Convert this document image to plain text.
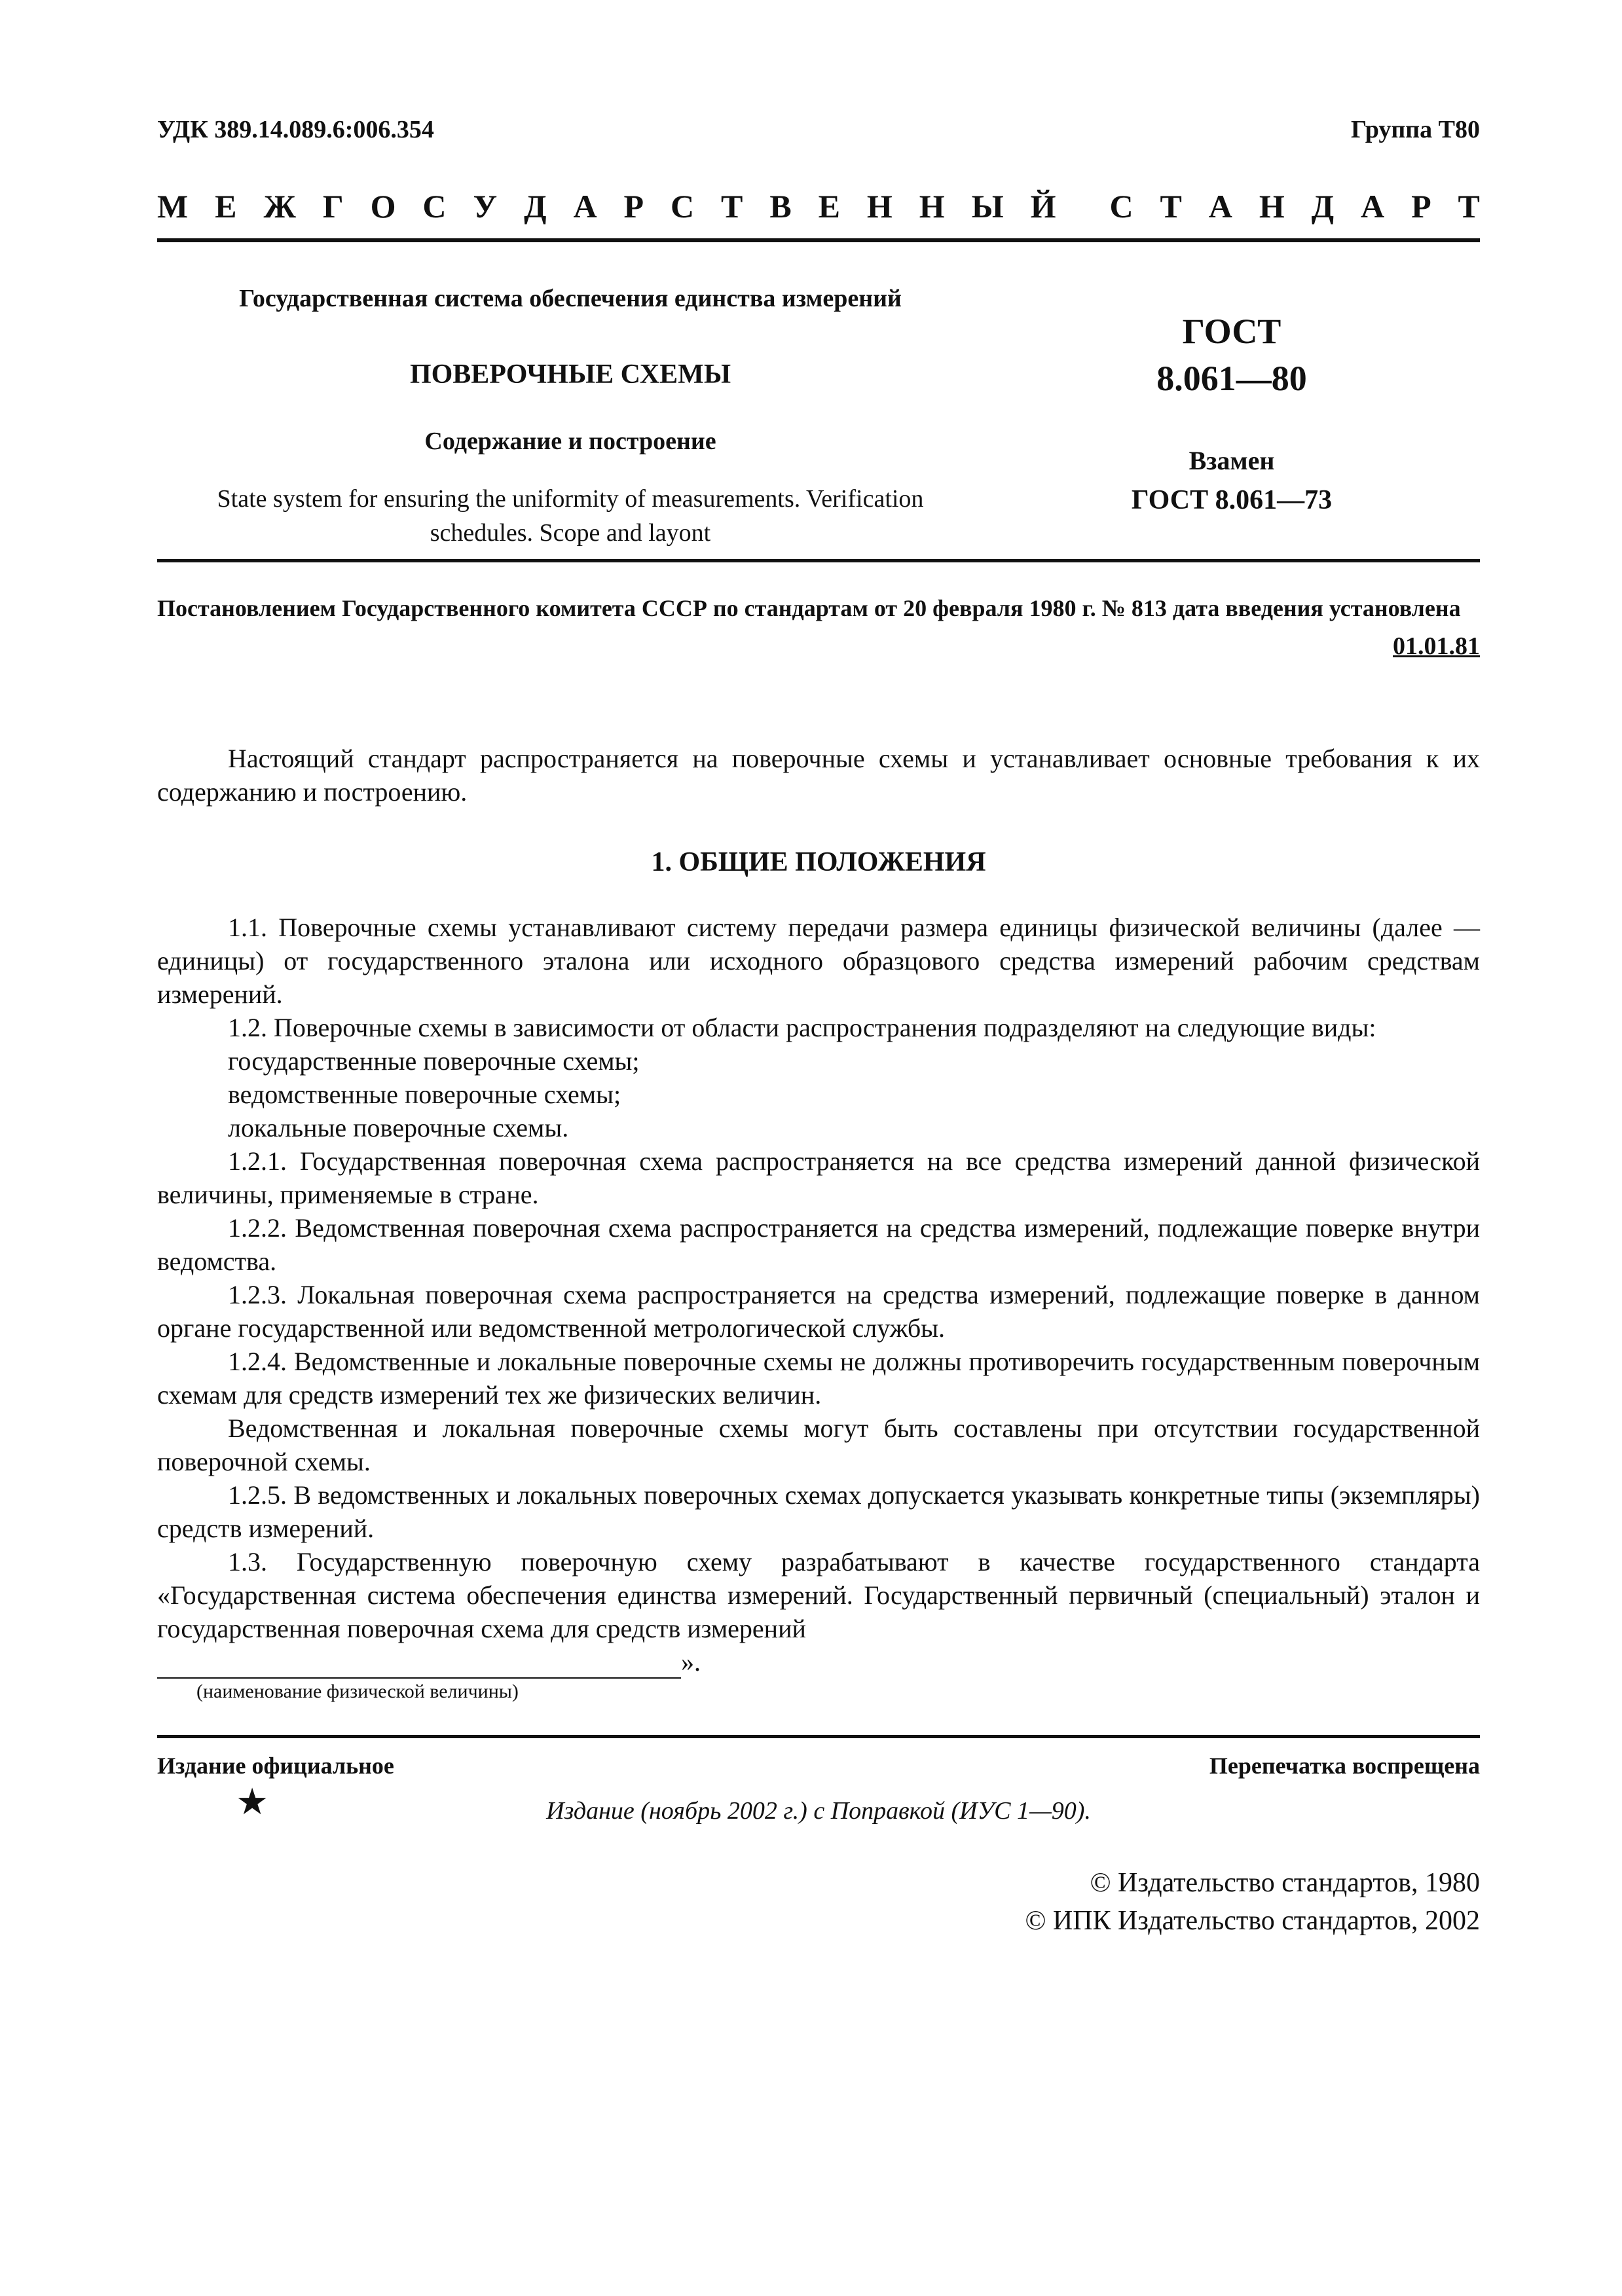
УДК 389.14.089.6:006.354	Группа Т80
М Е Ж Г О С У Д А Р С Т В Е Н Н Ы Й С Т А Н Д А Р Т
Государственная система обеспечения единства измерений
ПОВЕРОЧНЫЕ СХЕМЫ
Содержание и построение
State system for ensuring the uniformity of measurements. Verification
schedules. Scope and layont
ГОСТ
8.061—80
Взамен
ГОСТ 8.061—73
Постановлением Государственного комитета СССР по стандартам от 20 февраля 1980 г. № 813 дата введения установлена
01.01.81
Настоящий стандарт распространяется на поверочные схемы и устанавливает основные требования к их содержанию и построению.
1. ОБЩИЕ ПОЛОЖЕНИЯ

1.1. Поверочные схемы устанавливают систему передачи размера единицы физической величины (далее — единицы) от государственного эталона или исходного образцового средства измерений рабочим средствам измерений.

1.2. Поверочные схемы в зависимости от области распространения подразделяют на следующие виды:

государственные поверочные схемы;

ведомственные поверочные схемы;

локальные поверочные схемы.

1.2.1. Государственная поверочная схема распространяется на все средства измерений данной физической величины, применяемые в стране.

1.2.2. Ведомственная поверочная схема распространяется на средства измерений, подлежащие поверке внутри ведомства.

1.2.3. Локальная поверочная схема распространяется на средства измерений, подлежащие поверке в данном органе государственной или ведомственной метрологической службы.

1.2.4. Ведомственные и локальные поверочные схемы не должны противоречить государственным поверочным схемам для средств измерений тех же физических величин.

Ведомственная и локальная поверочные схемы могут быть составлены при отсутствии государственной поверочной схемы.

1.2.5. В ведомственных и локальных поверочных схемах допускается указывать конкретные типы (экземпляры) средств измерений.

1.3. Государственную поверочную схему разрабатывают в качестве государственного стандарта «Государственная система обеспечения единства измерений. Государственный первичный (специальный) эталон и государственная поверочная схема для средств измерений

».
(наименование физической величины)
Издание официальное	Перепечатка воспрещена
★	Издание (ноябрь 2002 г.) с Поправкой (ИУС 1—90).
© Издательство стандартов, 1980
© ИПК Издательство стандартов, 2002
